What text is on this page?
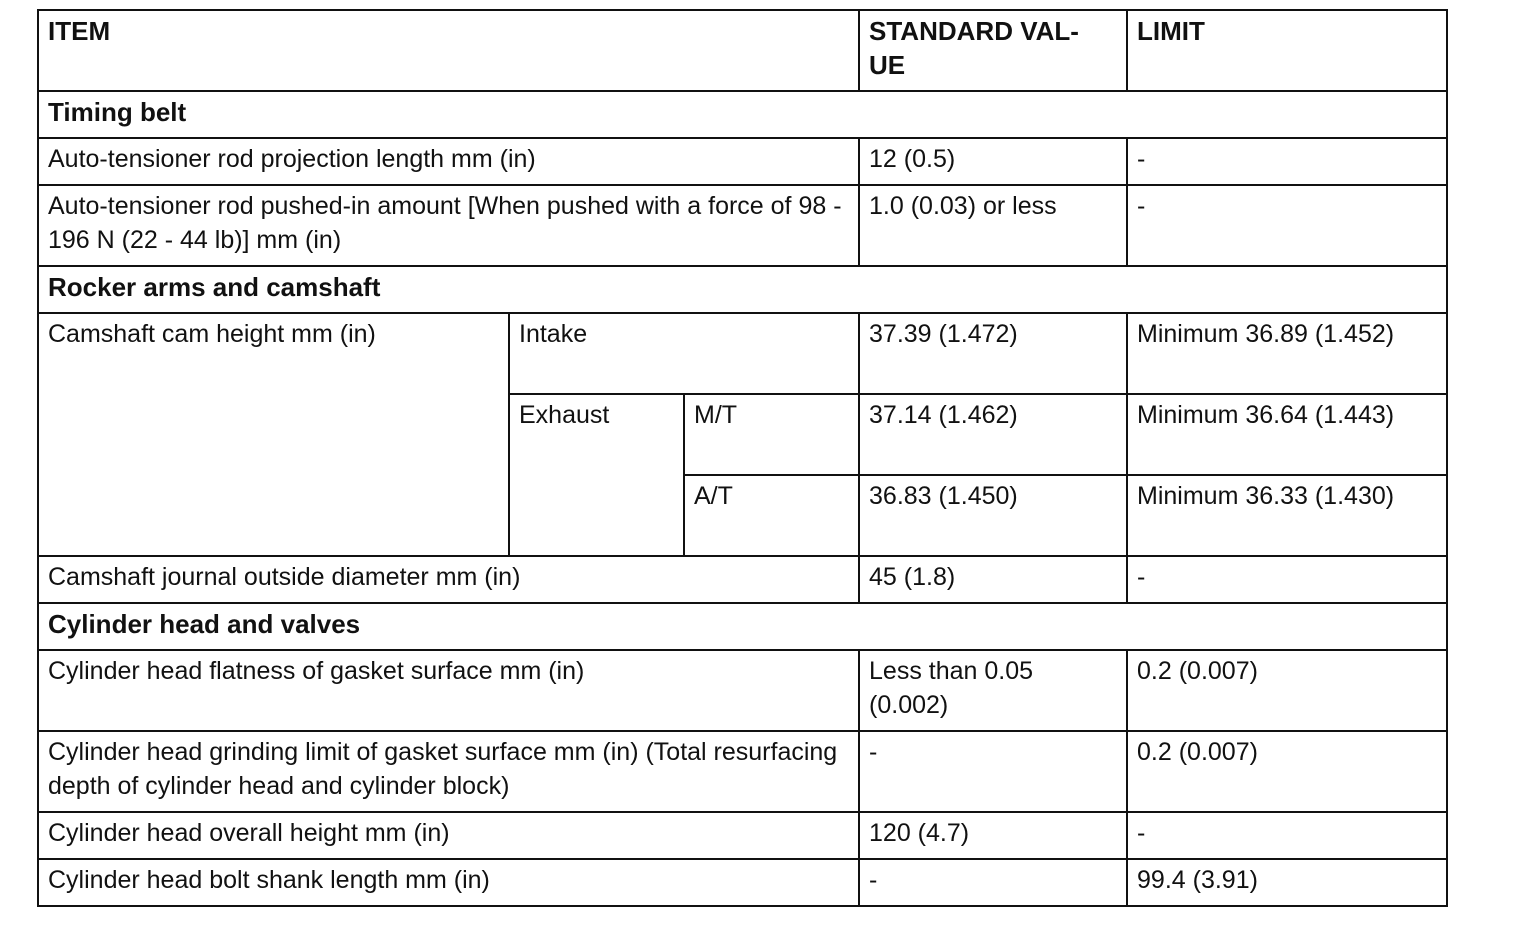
ITEM			STANDARD VAL-
UE	LIMIT
Timing belt				
Auto-tensioner rod projection length mm (in)			12 (0.5)	-
Auto-tensioner rod pushed-in amount [When pushed with a force of 98 - 196 N (22 - 44 lb)] mm (in)			1.0 (0.03) or less	-
Rocker arms and camshaft				
Camshaft cam height mm (in)	Intake		37.39 (1.472)	Minimum 36.89 (1.452)
	Exhaust	M/T	37.14 (1.462)	Minimum 36.64 (1.443)
		A/T	36.83 (1.450)	Minimum 36.33 (1.430)
Camshaft journal outside diameter mm (in)			45 (1.8)	-
Cylinder head and valves				
Cylinder head flatness of gasket surface mm (in)			Less than 0.05 (0.002)	0.2 (0.007)
Cylinder head grinding limit of gasket surface mm (in) (Total resurfacing depth of cylinder head and cylinder block)			-	0.2 (0.007)
Cylinder head overall height mm (in)			120 (4.7)	-
Cylinder head bolt shank length mm (in)			-	99.4 (3.91)
